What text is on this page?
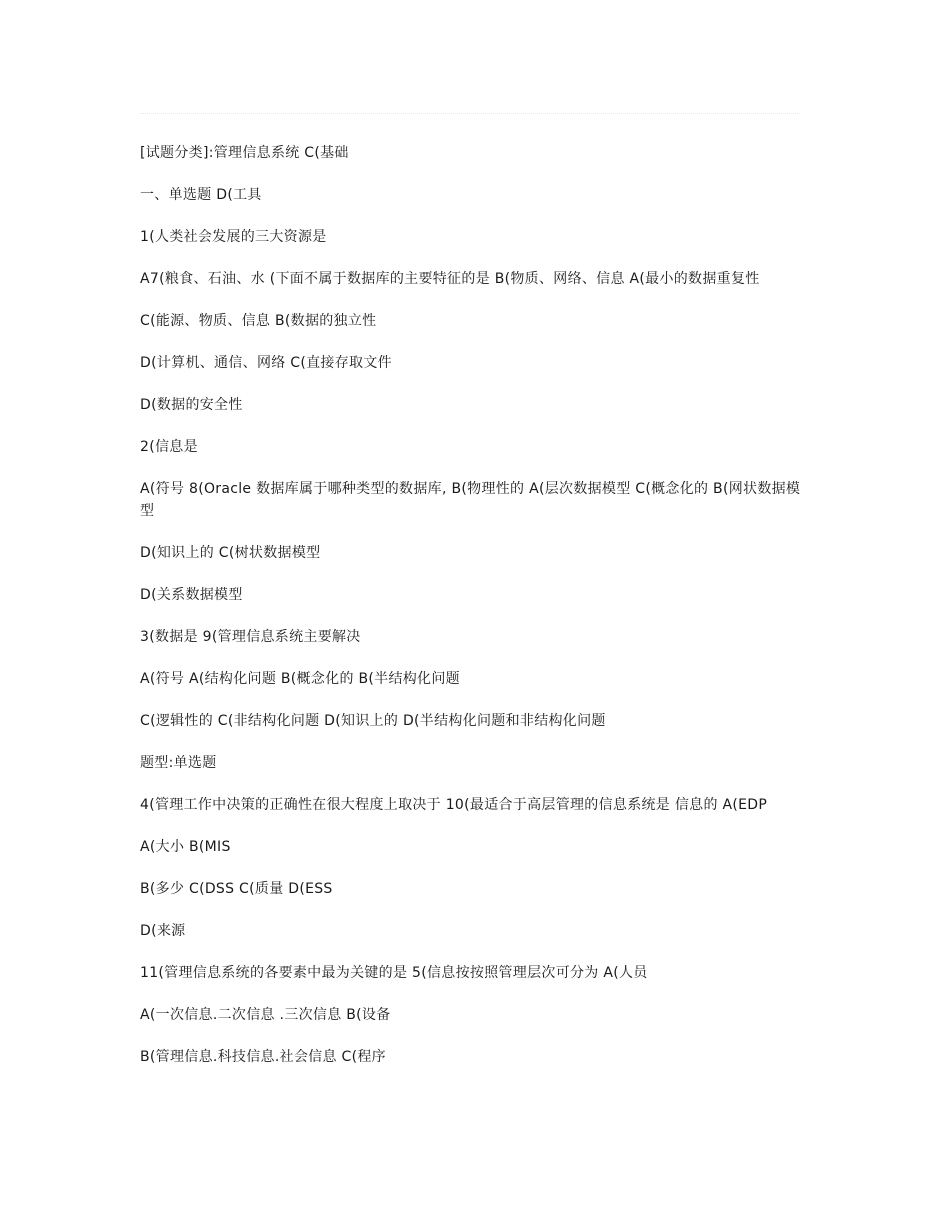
[试题分类]:管理信息系统 C(基础

一、单选题 D(工具

1(人类社会发展的三大资源是

A7(粮食、石油、水 (下面不属于数据库的主要特征的是 B(物质、网络、信息 A(最小的数据重复性

C(能源、物质、信息 B(数据的独立性

D(计算机、通信、网络 C(直接存取文件

D(数据的安全性

2(信息是

A(符号 8(Oracle 数据库属于哪种类型的数据库, B(物理性的 A(层次数据模型 C(概念化的 B(网状数据模型

D(知识上的 C(树状数据模型

D(关系数据模型

3(数据是 9(管理信息系统主要解决

A(符号 A(结构化问题 B(概念化的 B(半结构化问题

C(逻辑性的 C(非结构化问题 D(知识上的 D(半结构化问题和非结构化问题

题型:单选题

4(管理工作中决策的正确性在很大程度上取决于 10(最适合于高层管理的信息系统是 信息的 A(EDP

A(大小 B(MIS

B(多少 C(DSS C(质量 D(ESS

D(来源

11(管理信息系统的各要素中最为关键的是 5(信息按按照管理层次可分为 A(人员

A(一次信息.二次信息 .三次信息 B(设备

B(管理信息.科技信息.社会信息 C(程序
